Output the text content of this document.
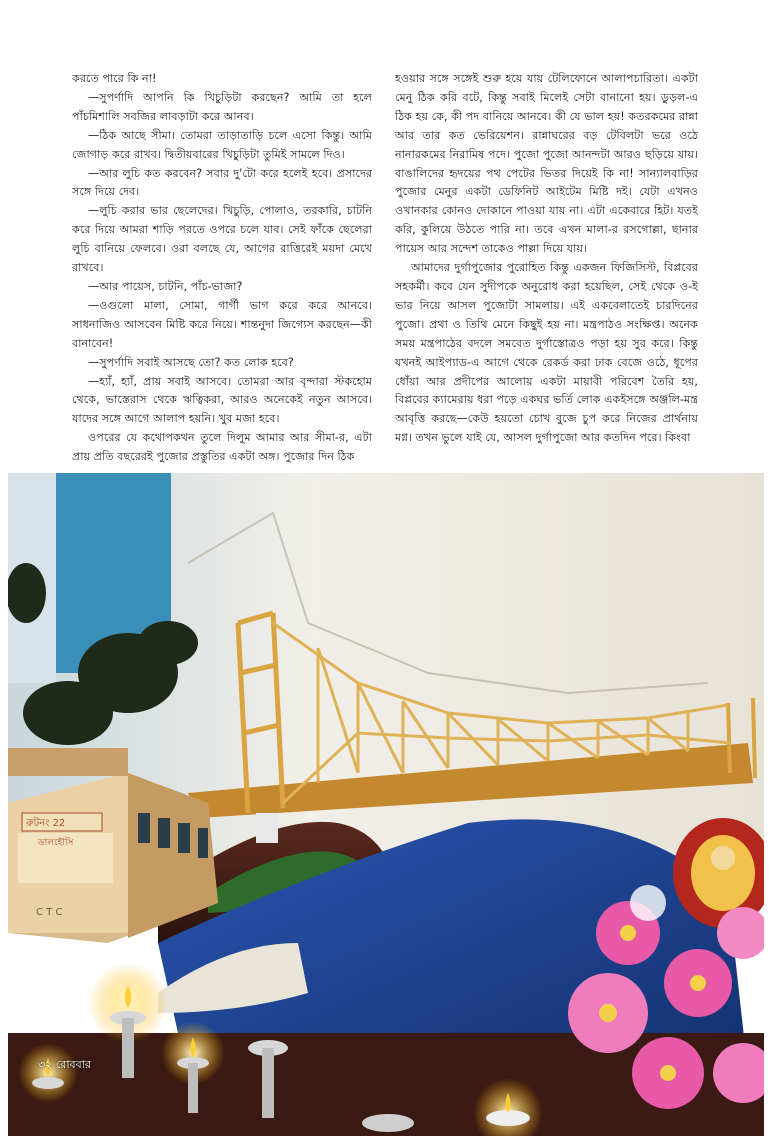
করতে পারে কি না!

—সুপর্ণাদি আপনি কি খিচুড়িটা করছেন? আমি তা হলে পাঁচমিশালি সবজির লাবড়াটা করে আনব।

—ঠিক আছে সীমা। তোমরা তাড়াতাড়ি চলে এসো কিন্তু। আমি জোগাড় করে রাখব। দ্বিতীয়বারের খিচুড়িটা তুমিই সামলে দিও।

—আর লুচি কত করবেন? সবার দু'টো করে হলেই হবে। প্রসাদের সঙ্গে দিয়ে দেব।

—লুচি করার ভার ছেলেদের। খিচুড়ি, পোলাও, তরকারি, চাটনি করে দিয়ে আমরা শাড়ি পরতে ওপরে চলে যাব। সেই ফাঁকে ছেলেরা লুচি বানিয়ে ফেলবে। ওরা বলছে যে, আগের রাত্তিরেই ময়দা মেখে রাখবে।

—আর পায়েস, চাটনি, পাঁচ-ভাজা?

—ওগুলো মালা, সোমা, গার্গী ভাগ করে করে আনবে। সাধনাজিও আসবেন মিষ্টি করে নিয়ে। শান্তনুদা জিগ্যেস করছেন—কী বানাবেন!

—সুপর্ণাদি সবাই আসছে তো? কত লোক হবে?

—হ্যাঁ, হ্যাঁ, প্রায় সবাই আসবে। তোমরা আর বৃন্দারা স্টকহোম থেকে, ভাস্তেরাস থেকে ঋত্বিকরা, আরও অনেকেই নতুন আসবে। যাদের সঙ্গে আগে আলাপ হয়নি। খুব মজা হবে।

ওপরের যে কথোপকথন তুলে দিলুম আমার আর সীমা-র, এটা প্রায় প্রতি বছরেরই পুজোর প্রস্তুতির একটা অঙ্গ। পুজোর দিন ঠিক

হওয়ার সঙ্গে সঙ্গেই শুরু হয়ে যায় টেলিফোনে আলাপচারিতা। একটা মেনু ঠিক করি বটে, কিন্তু সবাই মিলেই সেটা বানানো হয়। ডুড়ল-এ ঠিক হয় কে, কী পদ বানিয়ে আনবে। কী যে ভাল হয়! কতরকমের রান্না আর তার কত ভেরিয়েশন। রান্নাঘরের বড় টেবিলটা ভরে ওঠে নানারকমের নিরামিষ পদে। পুজো পুজো আনন্দটা আরও ছড়িয়ে যায়। বাঙালিদের হৃদয়ের পথ পেটের ভিতর দিয়েই কি না! সান্যালবাড়ির পুজোর মেনুর একটা ডেফিনিট আইটেম মিষ্টি দই। যেটা এখনও ওখানকার কোনও দোকানে পাওয়া যায় না। এটা একেবারে হিট। যতই করি, কুলিয়ে উঠতে পারি না। তবে এখন মালা-র রসগোল্লা, ছানার পায়েস আর সন্দেশ তাকেও পাল্লা দিয়ে যায়।

আমাদের দুর্গাপুজোর পুরোহিত কিন্তু একজন ফিজিসিস্ট, বিপ্লবের সহকর্মী। কবে যেন সুদীপকে অনুরোধ করা হয়েছিল, সেই থেকে ও-ই ভার নিয়ে আসল পুজোটা সামলায়। এই একবেলাতেই চারদিনের পুজো। প্রথা ও তিথি মেনে কিছুই হয় না। মন্ত্রপাঠও সংক্ষিপ্ত। অনেক সময় মন্ত্রপাঠের বদলে সমবেত দুর্গাস্তোত্রও পড়া হয় সুর করে। কিন্তু যখনই আইপ্যাড-এ আগে থেকে রেকর্ড করা ঢাক বেজে ওঠে, ধূপের ধোঁয়া আর প্রদীপের আলোয় একটা মায়াবী পরিবেশ তৈরি হয়, বিপ্লবের ক্যামেরায় ধরা পড়ে একঘর ভর্তি লোক একইসঙ্গে অঞ্জলি-মন্ত্র আবৃত্তি করছে—কেউ হয়তো চোখ বুজে চুপ করে নিজের প্রার্থনায় মগ্ন। তখন ভুলে যাই যে, আসল দুর্গাপুজো আর কতদিন পরে। কিংবা

রুটনং 22
ডালহৌসি
C T C
৩২ রোববার
